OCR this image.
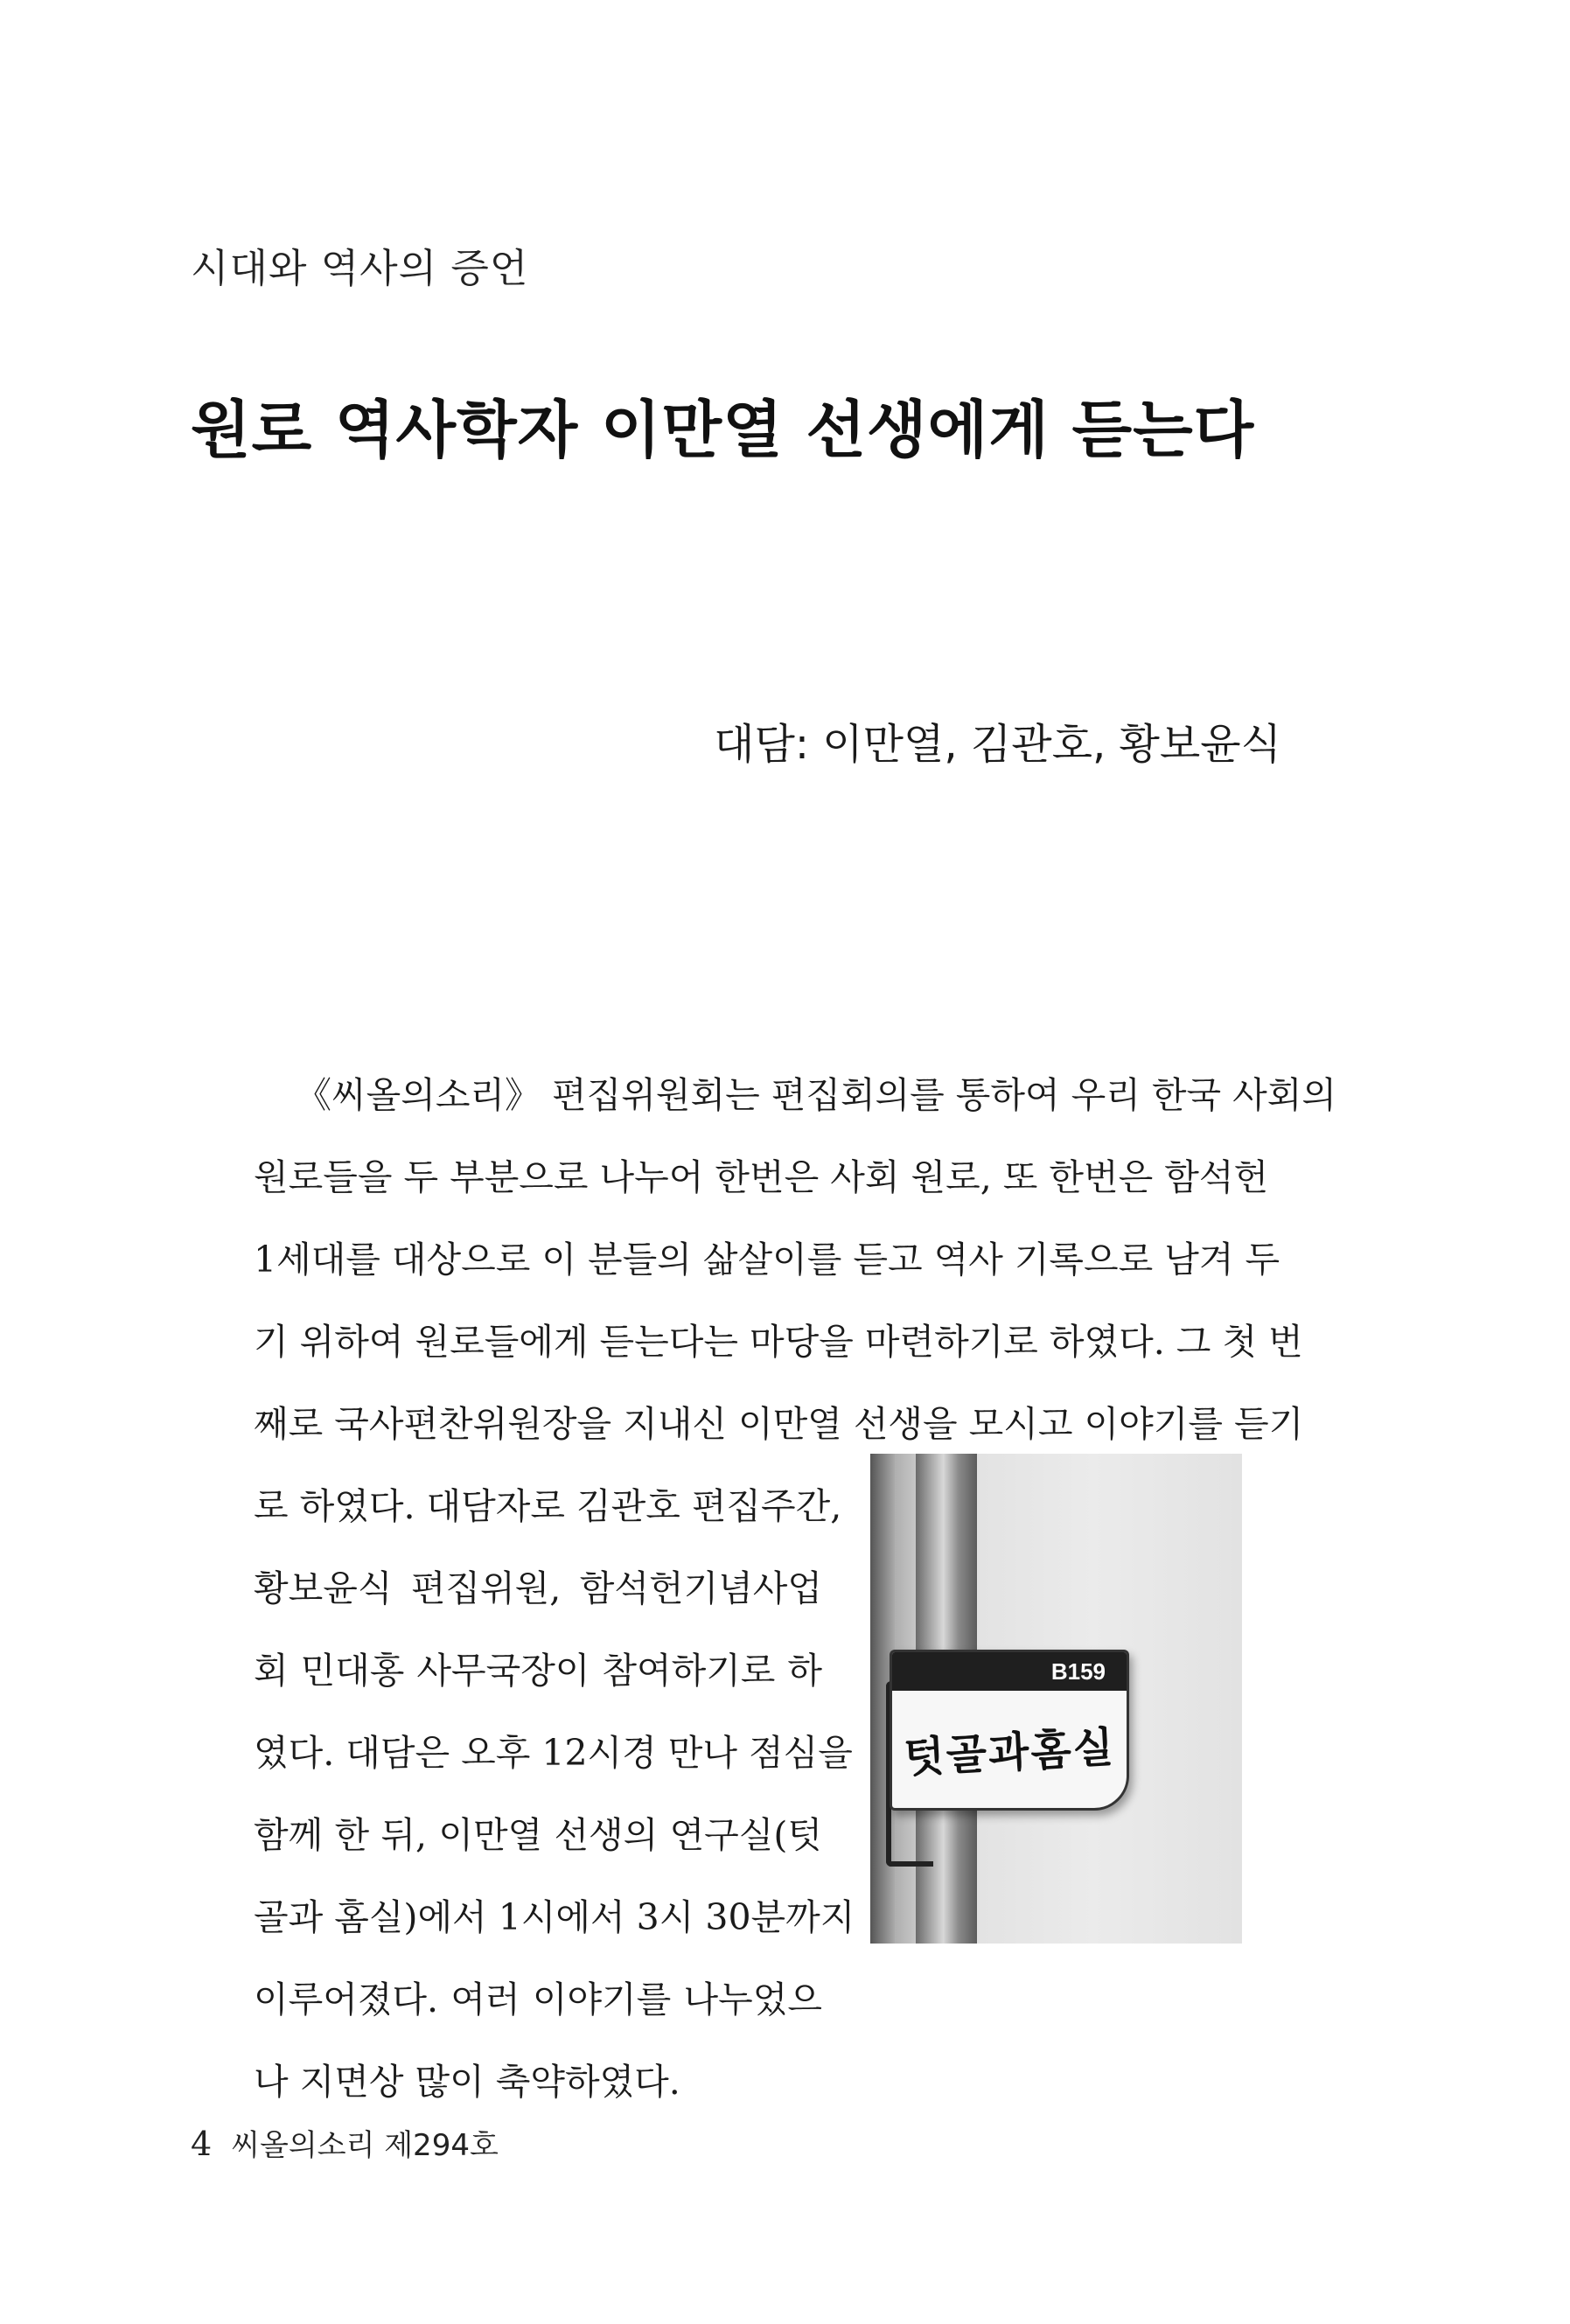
시대와 역사의 증언
원로 역사학자 이만열 선생에게 듣는다
대담: 이만열, 김관호, 황보윤식
《씨올의소리》 편집위원회는 편집회의를 통하여 우리 한국 사회의
원로들을 두 부분으로 나누어 한번은 사회 원로, 또 한번은 함석헌
1세대를 대상으로 이 분들의 삶살이를 듣고 역사 기록으로 남겨 두
기 위하여 원로들에게 듣는다는 마당을 마련하기로 하였다. 그 첫 번
째로 국사편찬위원장을 지내신 이만열 선생을 모시고 이야기를 듣기
로 하였다. 대담자로 김관호 편집주간,
황보윤식 편집위원, 함석헌기념사업
회 민대홍 사무국장이 참여하기로 하
였다. 대담은 오후 12시경 만나 점심을
함께 한 뒤, 이만열 선생의 연구실(텃
골과 홈실)에서 1시에서 3시 30분까지
이루어졌다. 여러 이야기를 나누었으
나 지면상 많이 축약하였다.
B159
텃골과홈실
4 씨올의소리 제294호
